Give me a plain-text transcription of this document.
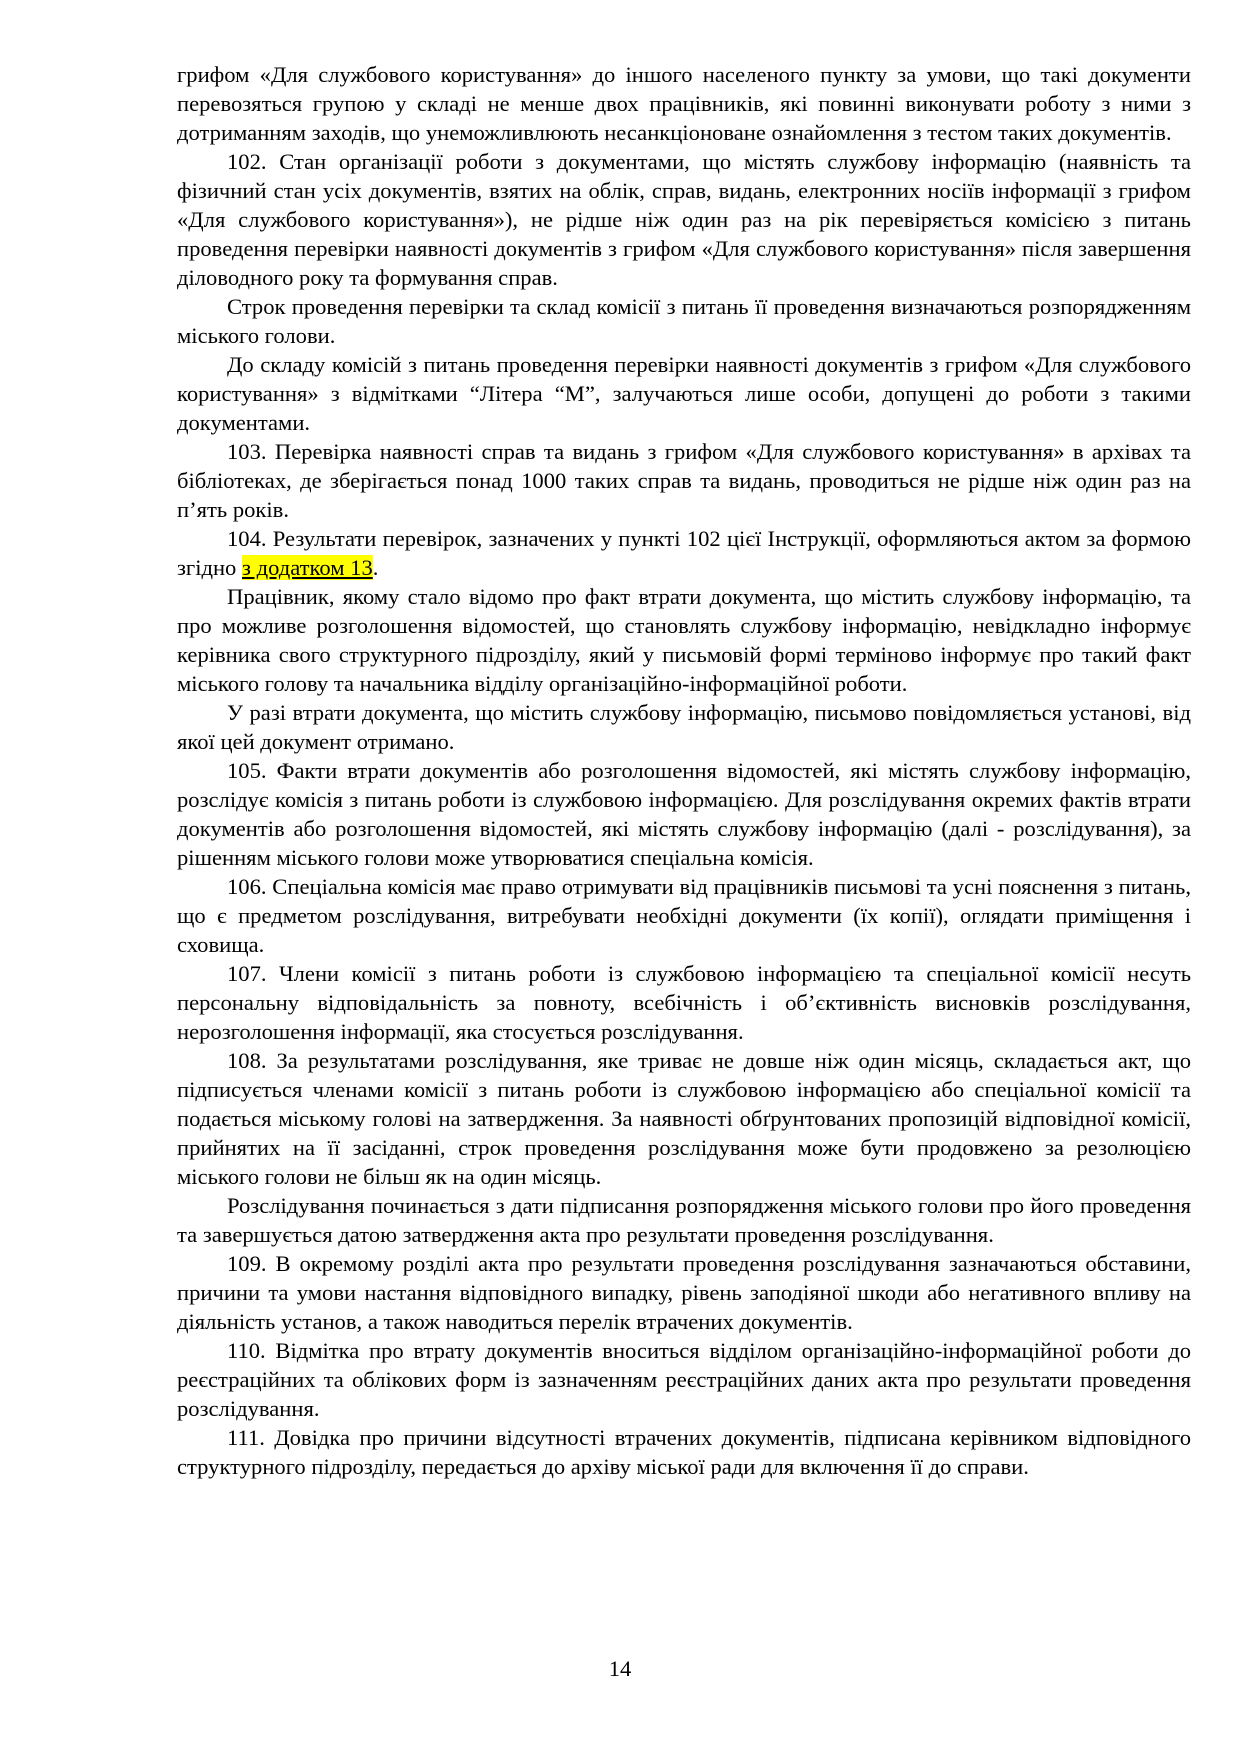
грифом «Для службового користування» до іншого населеного пункту за умови, що такі документи перевозяться групою у складі не менше двох працівників, які повинні виконувати роботу з ними з дотриманням заходів, що унеможливлюють несанкціоноване ознайомлення з тестом таких документів.

102. Стан організації роботи з документами, що містять службову інформацію (наявність та фізичний стан усіх документів, взятих на облік, справ, видань, електронних носіїв інформації з грифом «Для службового користування»), не рідше ніж один раз на рік перевіряється комісією з питань проведення перевірки наявності документів з грифом «Для службового користування» після завершення діловодного року та формування справ.

Строк проведення перевірки та склад комісії з питань її проведення визначаються розпорядженням міського голови.

До складу комісій з питань проведення перевірки наявності документів з грифом «Для службового користування» з відмітками “Літера “М”, залучаються лише особи, допущені до роботи з такими документами.

103. Перевірка наявності справ та видань з грифом «Для службового користування» в архівах та бібліотеках, де зберігається понад 1000 таких справ та видань, проводиться не рідше ніж один раз на п’ять років.

104. Результати перевірок, зазначених у пункті 102 цієї Інструкції, оформляються актом за формою згідно з додатком 13.

Працівник, якому стало відомо про факт втрати документа, що містить службову інформацію, та про можливе розголошення відомостей, що становлять службову інформацію, невідкладно інформує керівника свого структурного підрозділу, який у письмовій формі терміново інформує про такий факт міського голову та начальника відділу організаційно-інформаційної роботи.

У разі втрати документа, що містить службову інформацію, письмово повідомляється установі, від якої цей документ отримано.

105. Факти втрати документів або розголошення відомостей, які містять службову інформацію, розслідує комісія з питань роботи із службовою інформацією. Для розслідування окремих фактів втрати документів або розголошення відомостей, які містять службову інформацію (далі - розслідування), за рішенням міського голови може утворюватися спеціальна комісія.

106. Спеціальна комісія має право отримувати від працівників письмові та усні пояснення з питань, що є предметом розслідування, витребувати необхідні документи (їх копії), оглядати приміщення і сховища.

107. Члени комісії з питань роботи із службовою інформацією та спеціальної комісії несуть персональну відповідальність за повноту, всебічність і об’єктивність висновків розслідування, нерозголошення інформації, яка стосується розслідування.

108. За результатами розслідування, яке триває не довше ніж один місяць, складається акт, що підписується членами комісії з питань роботи із службовою інформацією або спеціальної комісії та подається міському голові на затвердження. За наявності обґрунтованих пропозицій відповідної комісії, прийнятих на її засіданні, строк проведення розслідування може бути продовжено за резолюцією міського голови не більш як на один місяць.

Розслідування починається з дати підписання розпорядження міського голови про його проведення та завершується датою затвердження акта про результати проведення розслідування.

109. В окремому розділі акта про результати проведення розслідування зазначаються обставини, причини та умови настання відповідного випадку, рівень заподіяної шкоди або негативного впливу на діяльність установ, а також наводиться перелік втрачених документів.

110. Відмітка про втрату документів вноситься відділом організаційно-інформаційної роботи до реєстраційних та облікових форм із зазначенням реєстраційних даних акта про результати проведення розслідування.

111. Довідка про причини відсутності втрачених документів, підписана керівником відповідного структурного підрозділу, передається до архіву міської ради для включення її до справи.

14
